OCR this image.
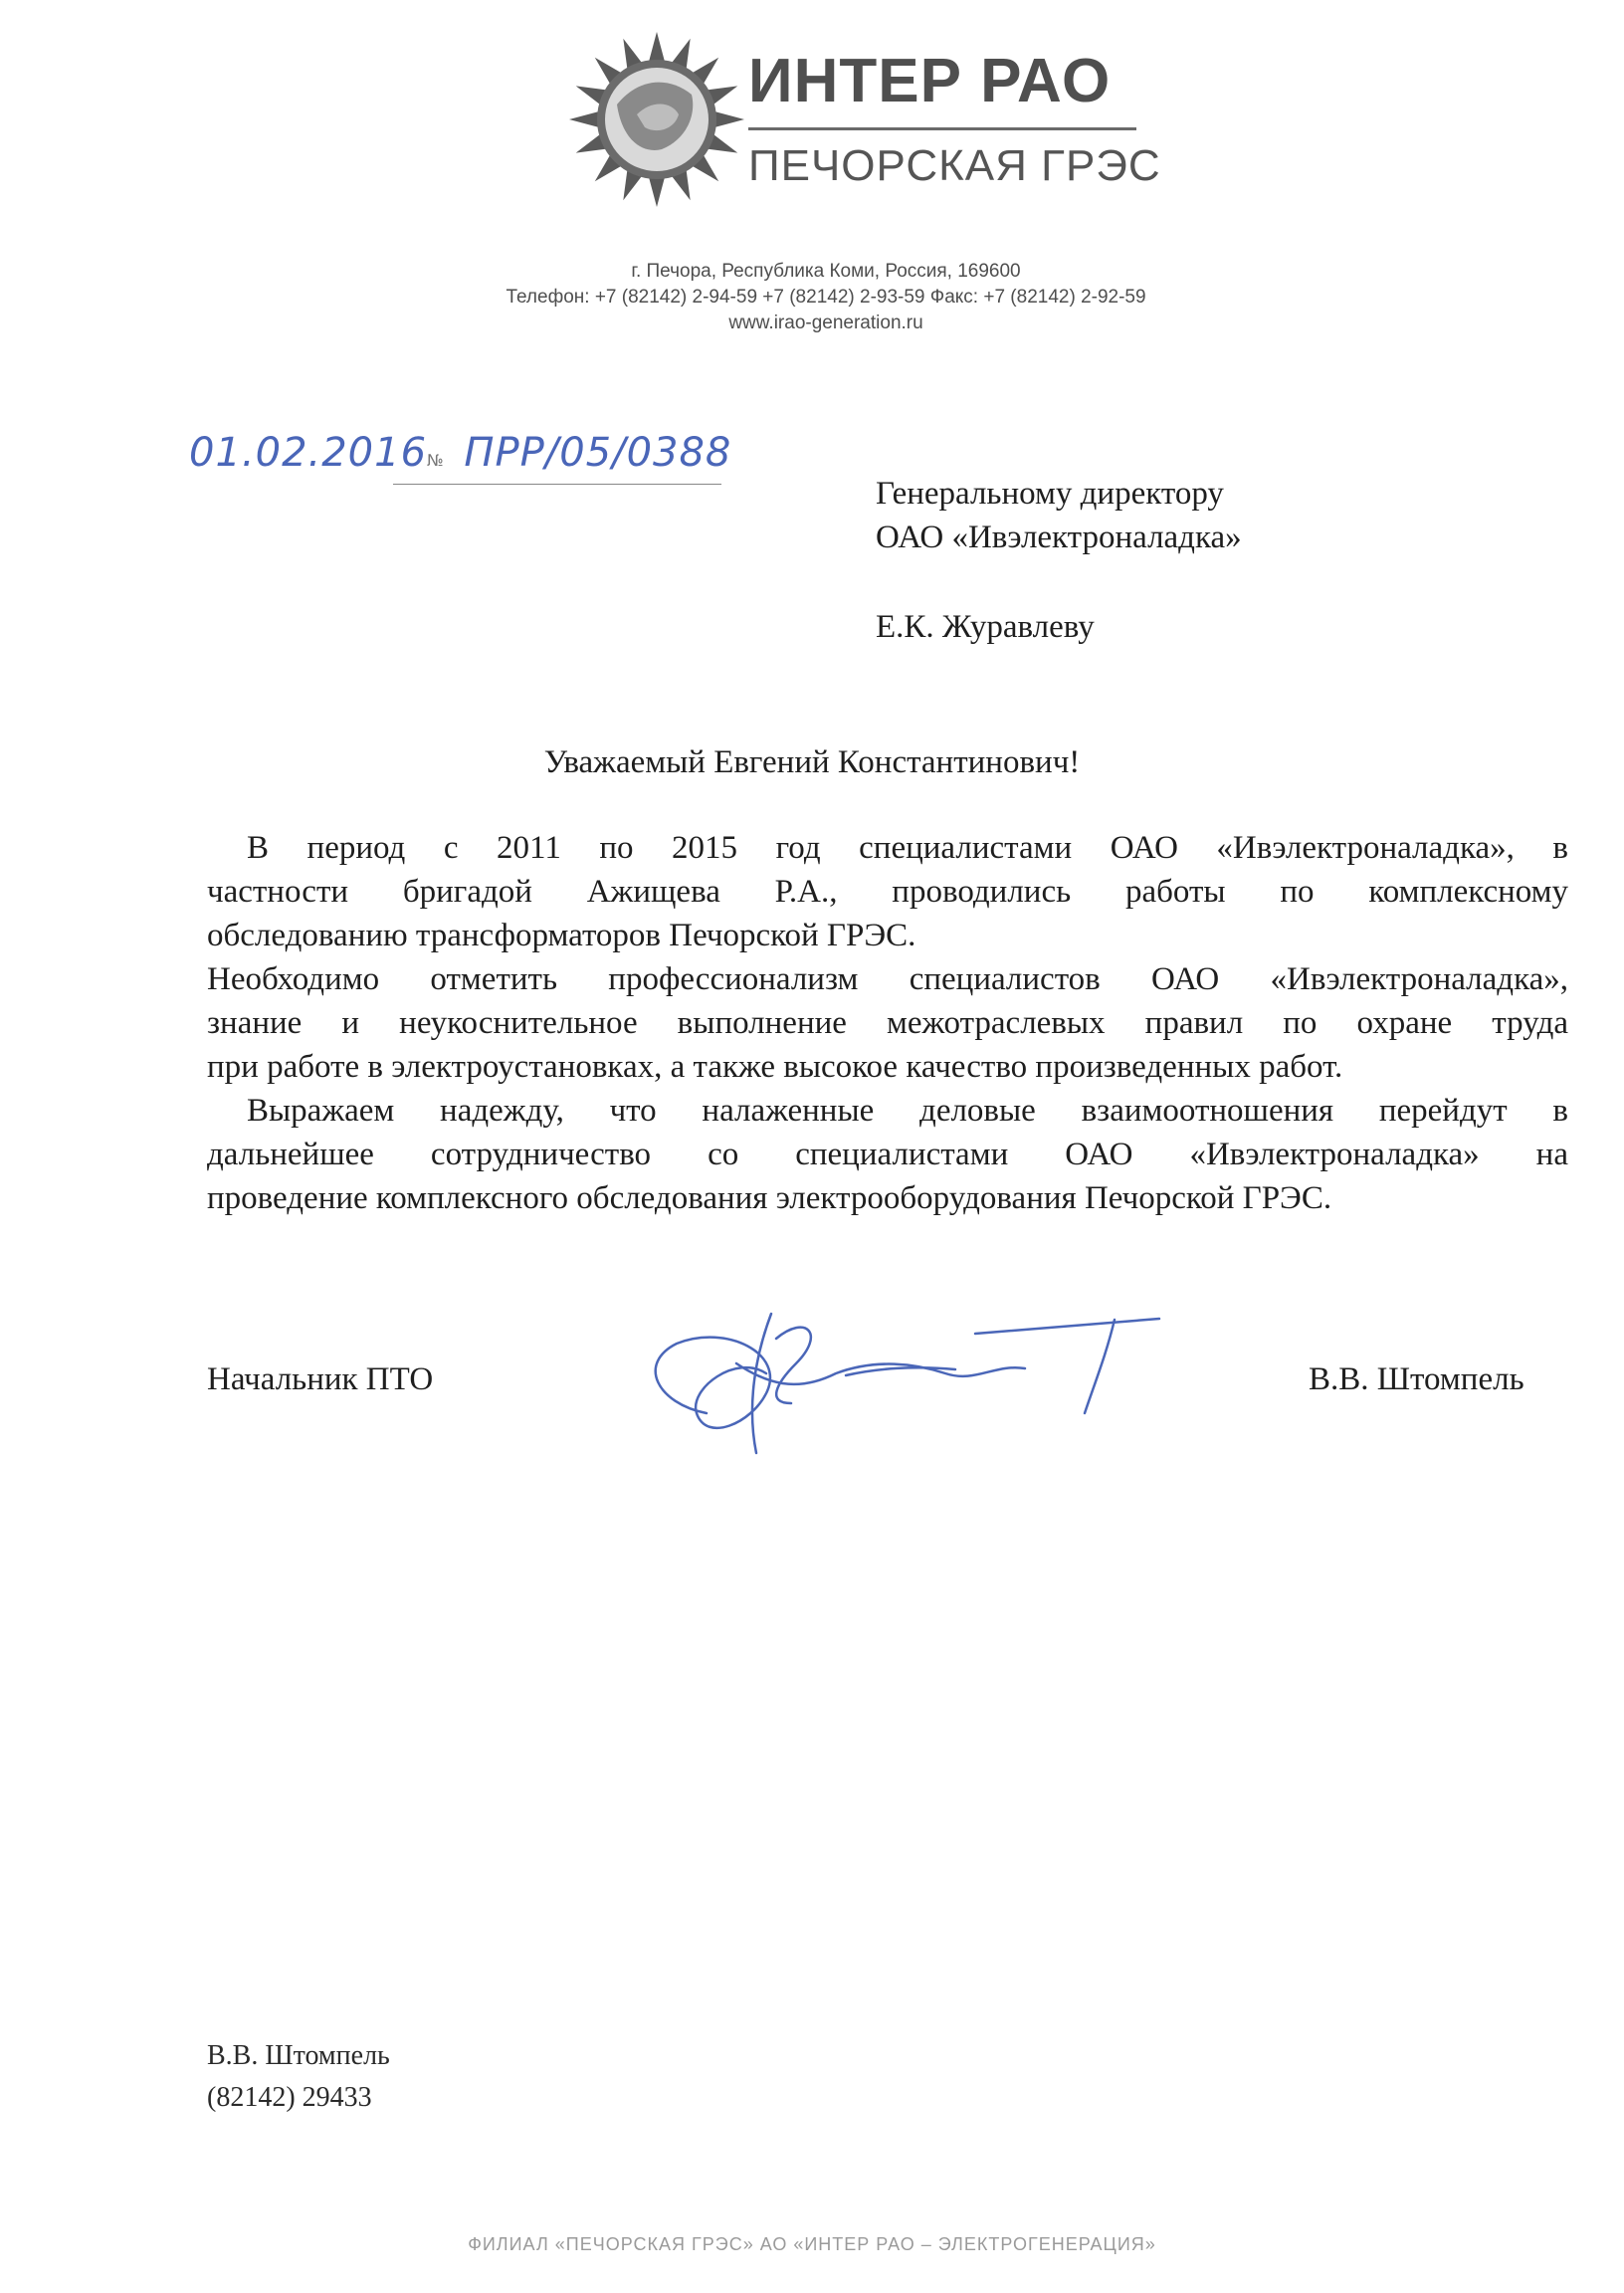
ИНТЕР РАО
ПЕЧОРСКАЯ ГРЭС
г. Печора, Республика Коми, Россия, 169600
Телефон: +7 (82142) 2-94-59 +7 (82142) 2-93-59 Факс: +7 (82142) 2-92-59
www.irao-generation.ru
01.02.2016№ ПРР/05/0388
Генеральному директору
ОАО «Ивэлектроналадка»
Е.К. Журавлеву
Уважаемый Евгений Константинович!
В период с 2011 по 2015 год специалистами ОАО «Ивэлектроналадка», в
частности бригадой Ажищева Р.А., проводились работы по комплексному
обследованию трансформаторов Печорской ГРЭС.
Необходимо отметить профессионализм специалистов ОАО «Ивэлектроналадка»,
знание и неукоснительное выполнение межотраслевых правил по охране труда
при работе в электроустановках, а также высокое качество произведенных работ.
Выражаем надежду, что налаженные деловые взаимоотношения перейдут в
дальнейшее сотрудничество со специалистами ОАО «Ивэлектроналадка» на
проведение комплексного обследования электрооборудования Печорской ГРЭС.
Начальник ПТО	В.В. Штомпель
В.В. Штомпель
(82142) 29433
ФИЛИАЛ «ПЕЧОРСКАЯ ГРЭС» АО «ИНТЕР РАО – ЭЛЕКТРОГЕНЕРАЦИЯ»
